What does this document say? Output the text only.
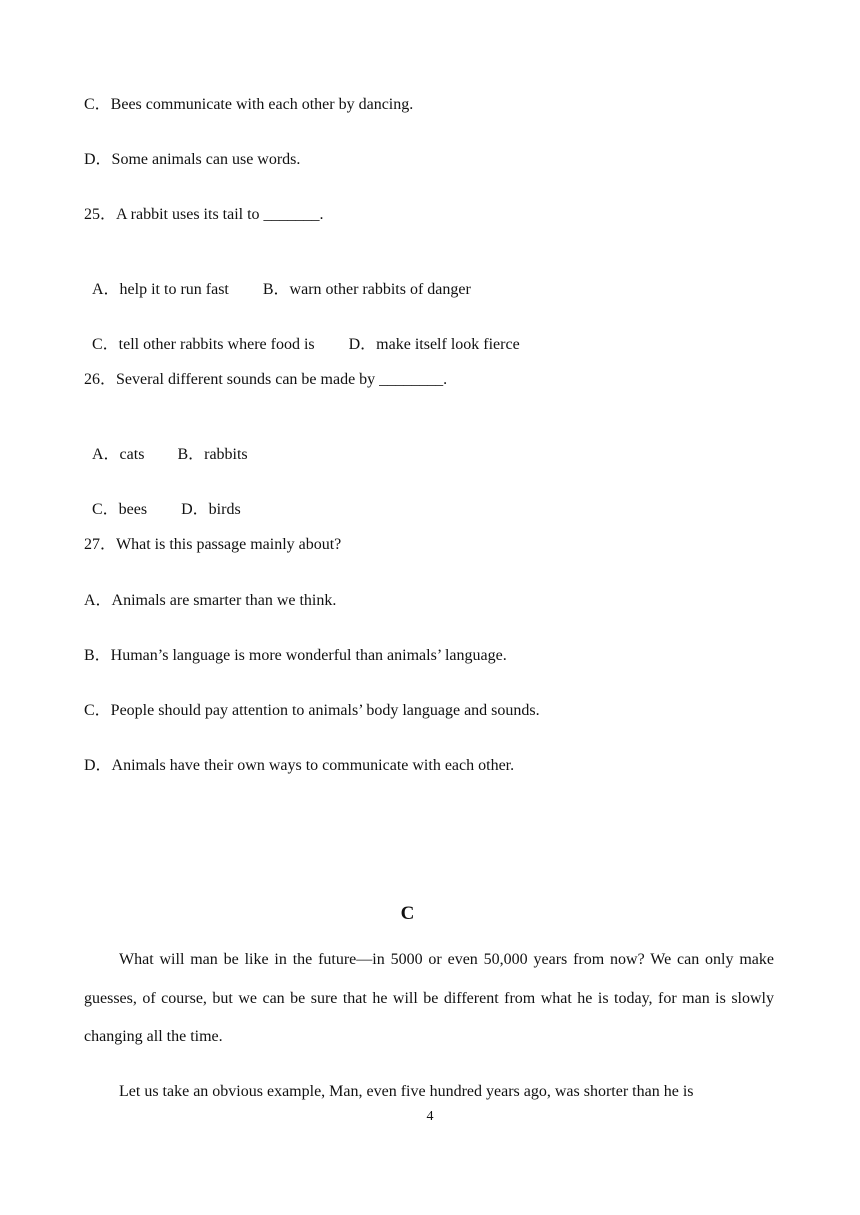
C．Bees communicate with each other by dancing.
D．Some animals can use words.
25．A rabbit uses its tail to _______.

A．help it to run fast B．warn other rabbits of danger

C．tell other rabbits where food is D．make itself look fierce

26．Several different sounds can be made by ________.

A．cats B．rabbits

C．bees D．birds

27．What is this passage mainly about?
A．Animals are smarter than we think.
B．Human’s language is more wonderful than animals’ language.
C．People should pay attention to animals’ body language and sounds.
D．Animals have their own ways to communicate with each other.
C

What will man be like in the future—in 5000 or even 50,000 years from now? We can only make guesses, of course, but we can be sure that he will be different from what he is today, for man is slowly changing all the time.

Let us take an obvious example, Man, even five hundred years ago, was shorter than he is

4
